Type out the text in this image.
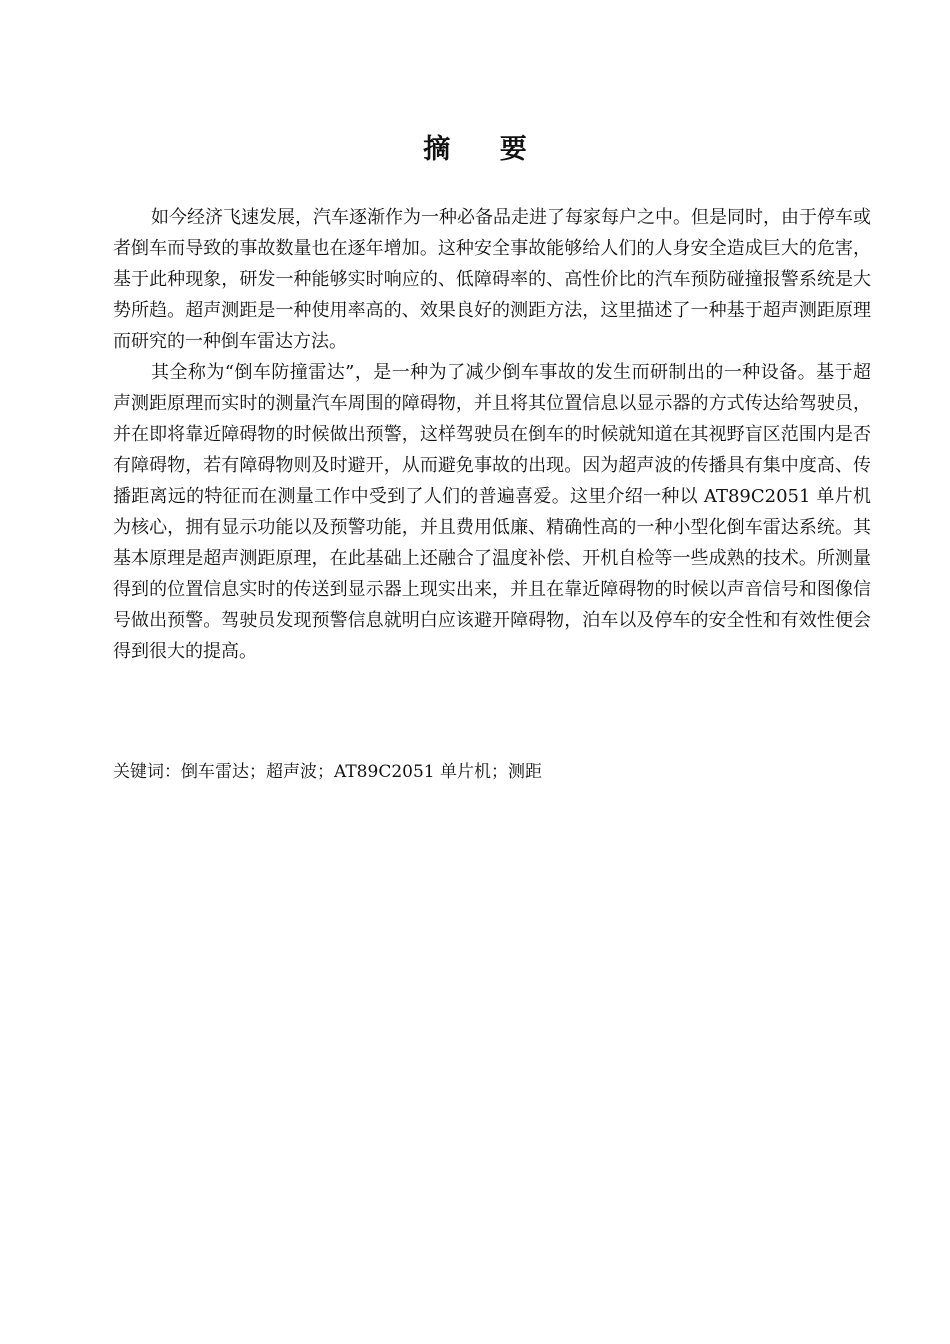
摘 要

如今经济飞速发展，汽车逐渐作为一种必备品走进了每家每户之中。但是同时，由于停车或者倒车而导致的事故数量也在逐年增加。这种安全事故能够给人们的人身安全造成巨大的危害，基于此种现象，研发一种能够实时响应的、低障碍率的、高性价比的汽车预防碰撞报警系统是大势所趋。超声测距是一种使用率高的、效果良好的测距方法，这里描述了一种基于超声测距原理而研究的一种倒车雷达方法。

其全称为“倒车防撞雷达”，是一种为了减少倒车事故的发生而研制出的一种设备。基于超声测距原理而实时的测量汽车周围的障碍物，并且将其位置信息以显示器的方式传达给驾驶员，并在即将靠近障碍物的时候做出预警，这样驾驶员在倒车的时候就知道在其视野盲区范围内是否有障碍物，若有障碍物则及时避开，从而避免事故的出现。因为超声波的传播具有集中度高、传播距离远的特征而在测量工作中受到了人们的普遍喜爱。这里介绍一种以 AT89C2051 单片机为核心，拥有显示功能以及预警功能，并且费用低廉、精确性高的一种小型化倒车雷达系统。其基本原理是超声测距原理，在此基础上还融合了温度补偿、开机自检等一些成熟的技术。所测量得到的位置信息实时的传送到显示器上现实出来，并且在靠近障碍物的时候以声音信号和图像信号做出预警。驾驶员发现预警信息就明白应该避开障碍物，泊车以及停车的安全性和有效性便会得到很大的提高。

关键词：倒车雷达；超声波；AT89C2051 单片机；测距
